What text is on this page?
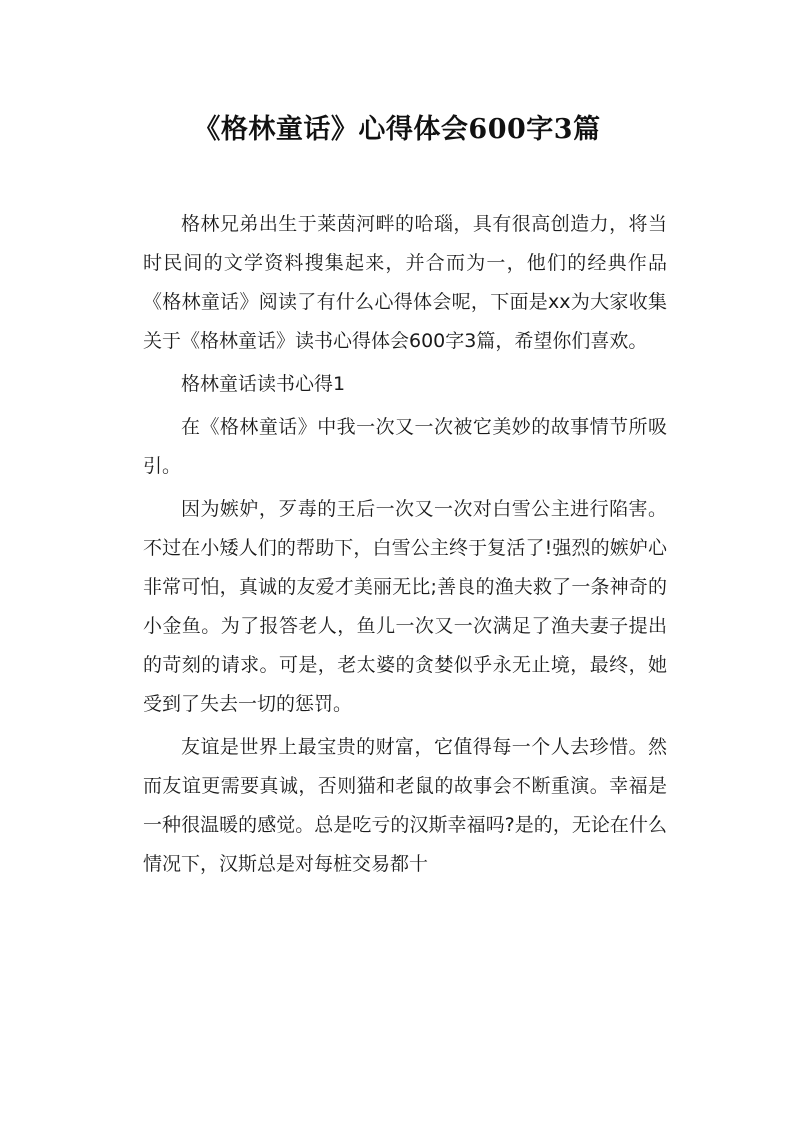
《格林童话》心得体会600字3篇

格林兄弟出生于莱茵河畔的哈瑙，具有很高创造力，将当时民间的文学资料搜集起来，并合而为一，他们的经典作品《格林童话》阅读了有什么心得体会呢，下面是xx为大家收集关于《格林童话》读书心得体会600字3篇，希望你们喜欢。

格林童话读书心得1

在《格林童话》中我一次又一次被它美妙的故事情节所吸引。

因为嫉妒，歹毒的王后一次又一次对白雪公主进行陷害。不过在小矮人们的帮助下，白雪公主终于复活了!强烈的嫉妒心非常可怕，真诚的友爱才美丽无比;善良的渔夫救了一条神奇的小金鱼。为了报答老人，鱼儿一次又一次满足了渔夫妻子提出的苛刻的请求。可是，老太婆的贪婪似乎永无止境，最终，她受到了失去一切的惩罚。

友谊是世界上最宝贵的财富，它值得每一个人去珍惜。然而友谊更需要真诚，否则猫和老鼠的故事会不断重演。幸福是一种很温暖的感觉。总是吃亏的汉斯幸福吗?是的，无论在什么情况下，汉斯总是对每桩交易都十
